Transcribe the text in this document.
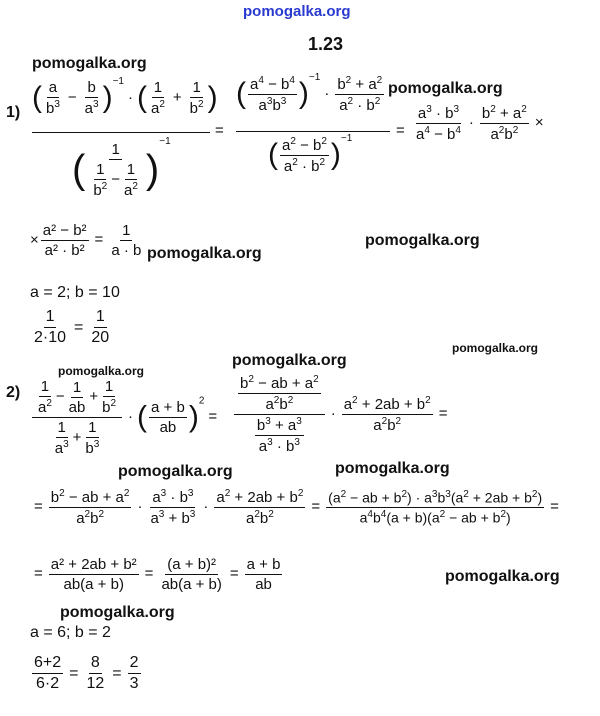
pomogalka.org
1.23
pomogalka.org
pomogalka.org
pomogalka.org
pomogalka.org
pomogalka.org
pomogalka.org
pomogalka.org
pomogalka.org	pomogalka.org
pomogalka.org
pomogalka.org
1) ( $\frac{a}{b^3} - \frac{b}{a^3} )^{-1}\cdot$ ( $\frac{1}{a^2} + \frac{1}{b^2}$ )
( $\frac{1}{\frac{1}{b^2} - \frac{1}{a^2}} )^{-1}$
=
( $\frac{a^4 - b^4}{a^3b^3} )^{-1}\cdot \frac{b^2 + a^2}{a^2 \cdot b^2}$
( $\frac{a^2 - b^2}{a^2 \cdot b^2} )^{-1}$	= $\frac{a^3 \cdot b^3}{a^4 - b^4} \cdot \frac{b^2 + a^2}{a^2b^2}$ ×
× $\frac{\text{a² − b²}}{\text{a² · b²}} = \frac{1}{a \cdot b}$
a = 2; b = 10
$\frac{1}{2\cdot 10} = \frac{1}{20}$
$2) \frac{\frac{1}{a^2} - \frac{1}{ab} + \frac{1}{b^2}}{\frac{1}{a^3} + \frac{1}{b^3}}$ · ( $\frac{a + b}{ab} )^2= \frac{\frac{b^2 - ab + a^2}{a^2b^2}}{\frac{b^3 + a^3}{a^3 \cdot b^3}} \cdot \frac{a^2 + 2ab + b^2}{a^2b^2}$ =
= $\frac{b^2 - ab + a^2}{a^2b^2} \cdot \frac{a^3 \cdot b^3}{a^3 + b^3} \cdot \frac{a^2 + 2ab + b^2}{a^2b^2} = \frac{(a^2 - ab + b^2) \cdot a^3b^3(a^2 + 2ab + b^2)}{a^4b^4(a + b)(a^2 - ab + b^2)}$ =
= $\frac{\text{a² + 2ab + b²}}{ab(a + b)} = \frac{\text{(a + b)²}}{ab(a + b)} = \frac{a + b}{ab}$
a = 6; b = 2
$\frac{6+2}{6\cdot 2} = \frac{8}{12} = \frac{2}{3}$
